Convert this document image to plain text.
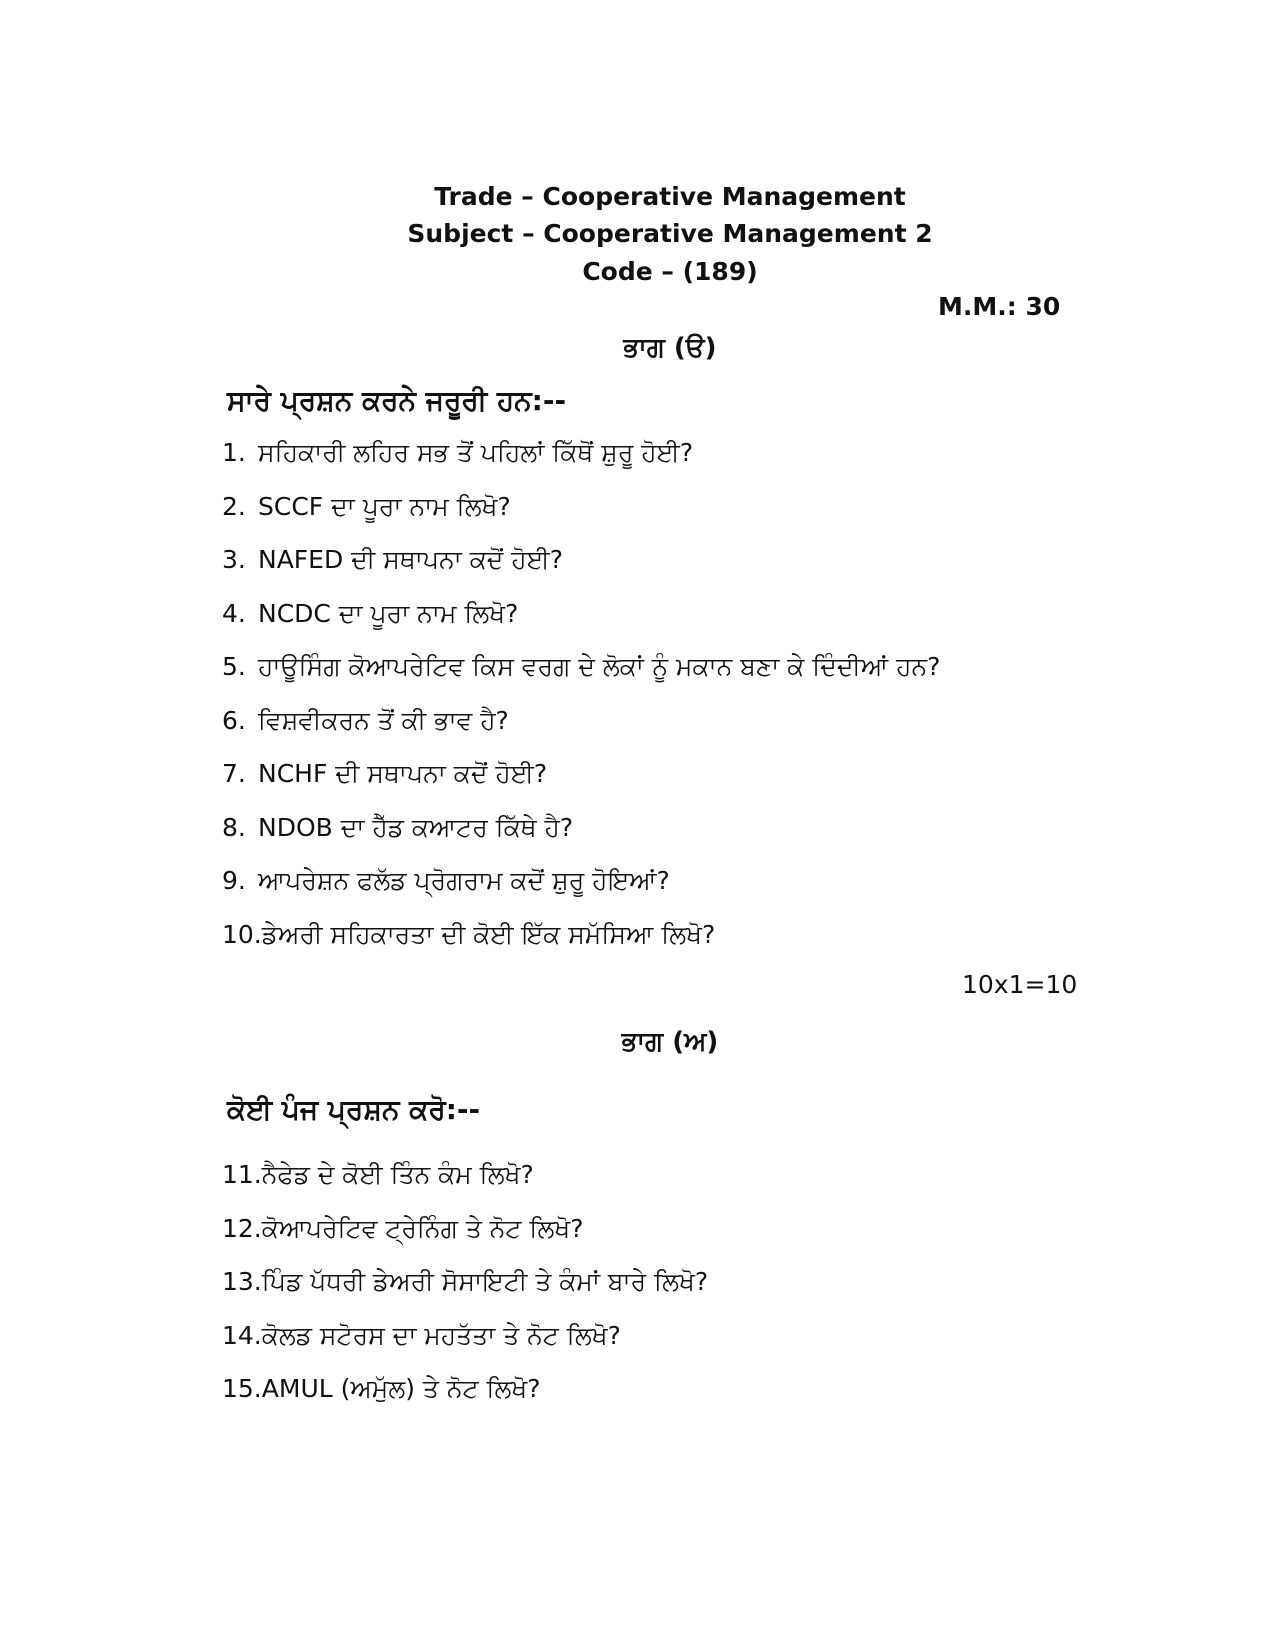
Trade – Cooperative Management
Subject – Cooperative Management 2
Code – (189)
M.M.: 30
ਭਾਗ (ੳ)
ਸਾਰੇ ਪ੍ਰਸ਼ਨ ਕਰਨੇ ਜਰੂਰੀ ਹਨ:--
1. ਸਹਿਕਾਰੀ ਲਹਿਰ ਸਭ ਤੋਂ ਪਹਿਲਾਂ ਕਿੱਥੋਂ ਸ਼ੁਰੂ ਹੋਈ?
2. SCCF ਦਾ ਪੂਰਾ ਨਾਮ ਲਿਖੋ?
3. NAFED ਦੀ ਸਥਾਪਨਾ ਕਦੋਂ ਹੋਈ?
4. NCDC ਦਾ ਪੂਰਾ ਨਾਮ ਲਿਖੋ?
5. ਹਾਊਸਿੰਗ ਕੋਆਪਰੇਟਿਵ ਕਿਸ ਵਰਗ ਦੇ ਲੋਕਾਂ ਨੂੰ ਮਕਾਨ ਬਣਾ ਕੇ ਦਿੰਦੀਆਂ ਹਨ?
6. ਵਿਸ਼ਵੀਕਰਨ ਤੋਂ ਕੀ ਭਾਵ ਹੈ?
7. NCHF ਦੀ ਸਥਾਪਨਾ ਕਦੋਂ ਹੋਈ?
8. NDOB ਦਾ ਹੈੱਡ ਕਆਟਰ ਕਿੱਥੇ ਹੈ?
9. ਆਪਰੇਸ਼ਨ ਫਲੱਡ ਪ੍ਰੋਗਰਾਮ ਕਦੋਂ ਸ਼ੁਰੂ ਹੋਇਆਂ?
10. ਡੇਅਰੀ ਸਹਿਕਾਰਤਾ ਦੀ ਕੋਈ ਇੱਕ ਸਮੱਸਿਆ ਲਿਖੋ?
10x1=10
ਭਾਗ (ਅ)
ਕੋਈ ਪੰਜ ਪ੍ਰਸ਼ਨ ਕਰੋ:--
11. ਨੈਫੇਡ ਦੇ ਕੋਈ ਤਿੰਨ ਕੰਮ ਲਿਖੋ?
12. ਕੋਆਪਰੇਟਿਵ ਟ੍ਰੇਨਿੰਗ ਤੇ ਨੋਟ ਲਿਖੋ?
13. ਪਿੰਡ ਪੱਧਰੀ ਡੇਅਰੀ ਸੋਸਾਇਟੀ ਤੇ ਕੰਮਾਂ ਬਾਰੇ ਲਿਖੋ?
14. ਕੋਲਡ ਸਟੋਰਸ ਦਾ ਮਹਤੱਤਾ ਤੇ ਨੋਟ ਲਿਖੋ?
15. AMUL (ਅਮੁੱਲ) ਤੇ ਨੋਟ ਲਿਖੋ?
